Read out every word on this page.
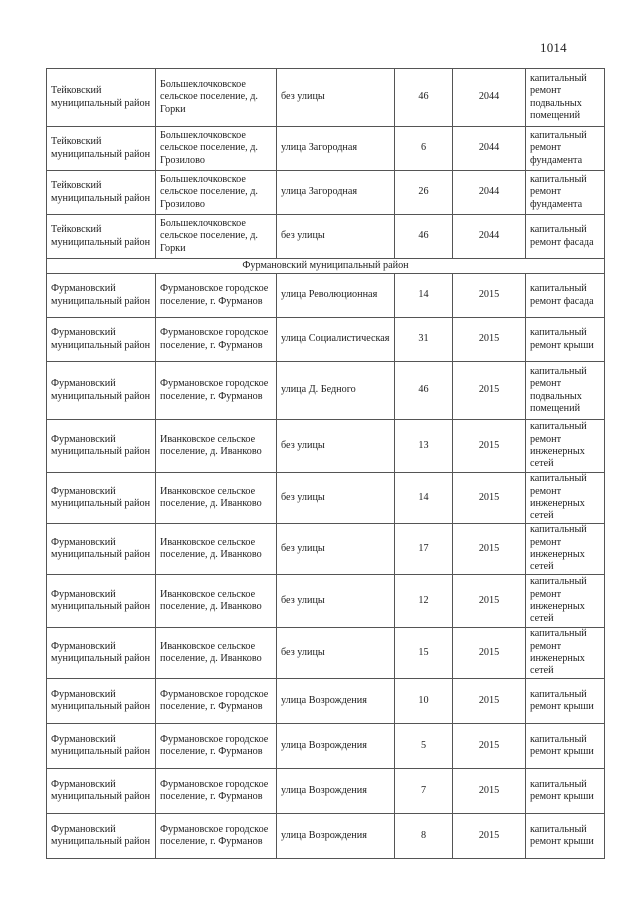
1014
Тейковский муниципальный район	Большеклочковское сельское поселение, д. Горки	без улицы	46	2044	капитальный ремонт подвальных помещений
Тейковский муниципальный район	Большеклочковское сельское поселение, д. Грозилово	улица Загородная	6	2044	капитальный ремонт фундамента
Тейковский муниципальный район	Большеклочковское сельское поселение, д. Грозилово	улица Загородная	26	2044	капитальный ремонт фундамента
Тейковский муниципальный район	Большеклочковское сельское поселение, д. Горки	без улицы	46	2044	капитальный ремонт фасада
Фурмановский муниципальный район					
Фурмановский муниципальный район	Фурмановское городское поселение, г. Фурманов	улица Революционная	14	2015	капитальный ремонт фасада
Фурмановский муниципальный район	Фурмановское городское поселение, г. Фурманов	улица Социалистическая	31	2015	капитальный ремонт крыши
Фурмановский муниципальный район	Фурмановское городское поселение, г. Фурманов	улица Д. Бедного	46	2015	капитальный ремонт подвальных помещений
Фурмановский муниципальный район	Иванковское сельское поселение, д. Иванково	без улицы	13	2015	капитальный ремонт инженерных сетей
Фурмановский муниципальный район	Иванковское сельское поселение, д. Иванково	без улицы	14	2015	капитальный ремонт инженерных сетей
Фурмановский муниципальный район	Иванковское сельское поселение, д. Иванково	без улицы	17	2015	капитальный ремонт инженерных сетей
Фурмановский муниципальный район	Иванковское сельское поселение, д. Иванково	без улицы	12	2015	капитальный ремонт инженерных сетей
Фурмановский муниципальный район	Иванковское сельское поселение, д. Иванково	без улицы	15	2015	капитальный ремонт инженерных сетей
Фурмановский муниципальный район	Фурмановское городское поселение, г. Фурманов	улица Возрождения	10	2015	капитальный ремонт крыши
Фурмановский муниципальный район	Фурмановское городское поселение, г. Фурманов	улица Возрождения	5	2015	капитальный ремонт крыши
Фурмановский муниципальный район	Фурмановское городское поселение, г. Фурманов	улица Возрождения	7	2015	капитальный ремонт крыши
Фурмановский муниципальный район	Фурмановское городское поселение, г. Фурманов	улица Возрождения	8	2015	капитальный ремонт крыши
